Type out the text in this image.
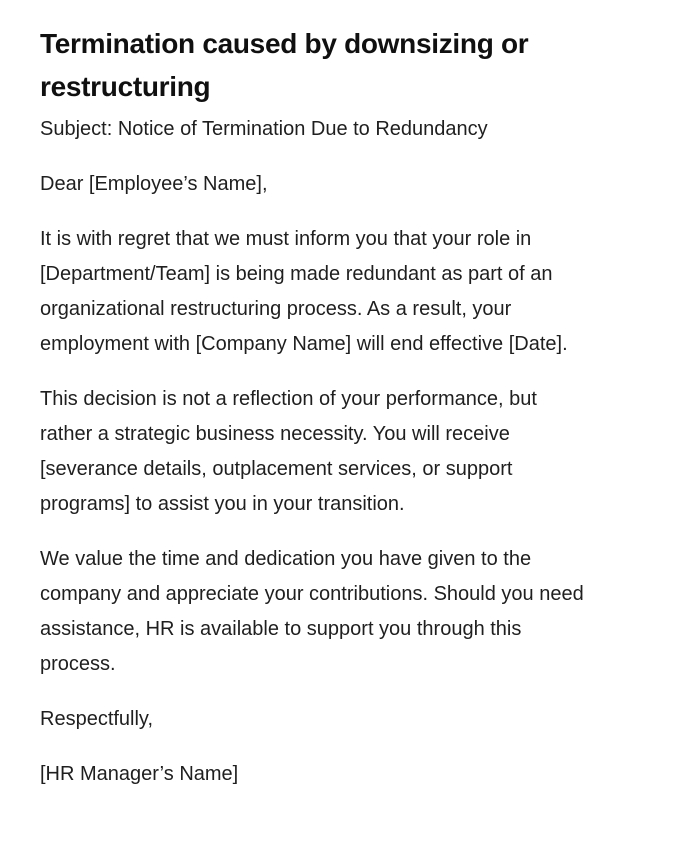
Termination caused by downsizing or restructuring

Subject: Notice of Termination Due to Redundancy

Dear [Employee’s Name],

It is with regret that we must inform you that your role in [Department/Team] is being made redundant as part of an organizational restructuring process. As a result, your employment with [Company Name] will end effective [Date].

This decision is not a reflection of your performance, but rather a strategic business necessity. You will receive [severance details, outplacement services, or support programs] to assist you in your transition.

We value the time and dedication you have given to the company and appreciate your contributions. Should you need assistance, HR is available to support you through this process.

Respectfully,

[HR Manager’s Name]
